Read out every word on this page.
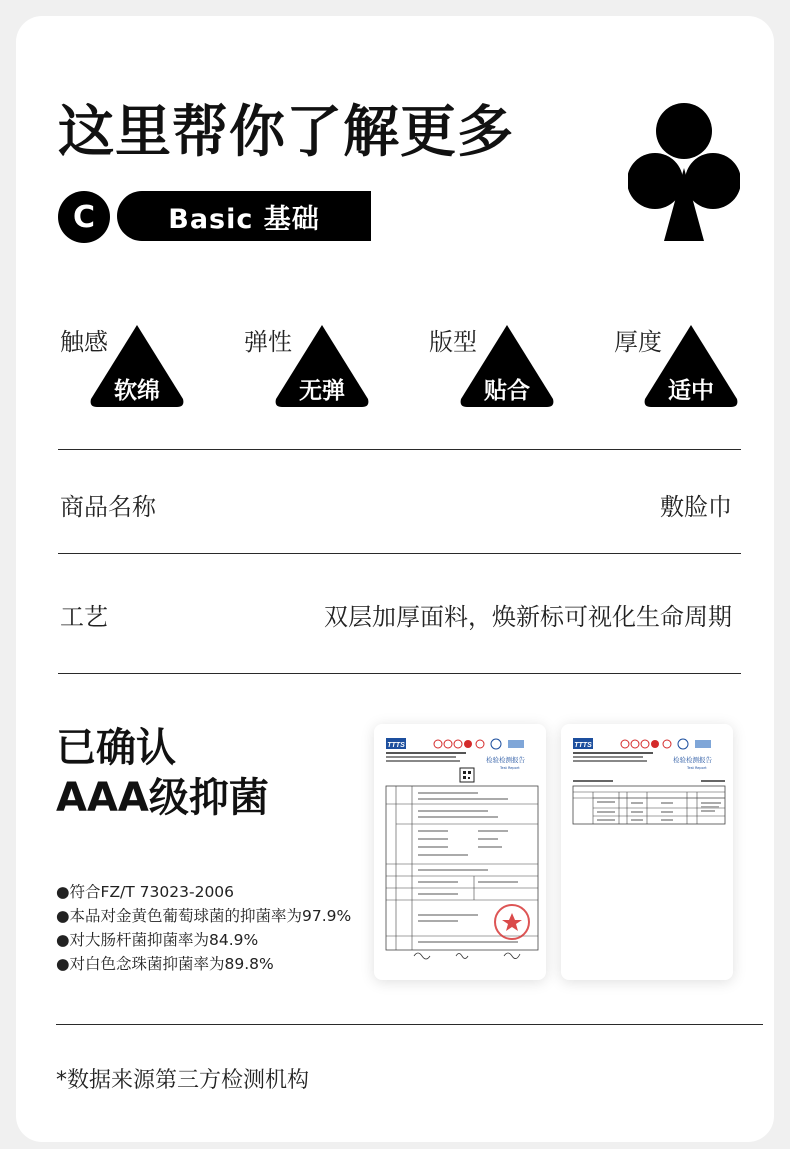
这里帮你了解更多
C	Basic 基础
触感
软绵
弹性
无弹
版型
贴合
厚度
适中
商品名称	敷脸巾
工艺	双层加厚面料，焕新标可视化生命周期
已确认
AAA级抑菌
●符合FZ/T 73023-2006
●本品对金黄色葡萄球菌的抑菌率为97.9%
●对大肠杆菌抑菌率为84.9%
●对白色念珠菌抑菌率为89.8%
TTTS
检验检测报告
Test Report
TTTS
检验检测报告
Test Report
*数据来源第三方检测机构
